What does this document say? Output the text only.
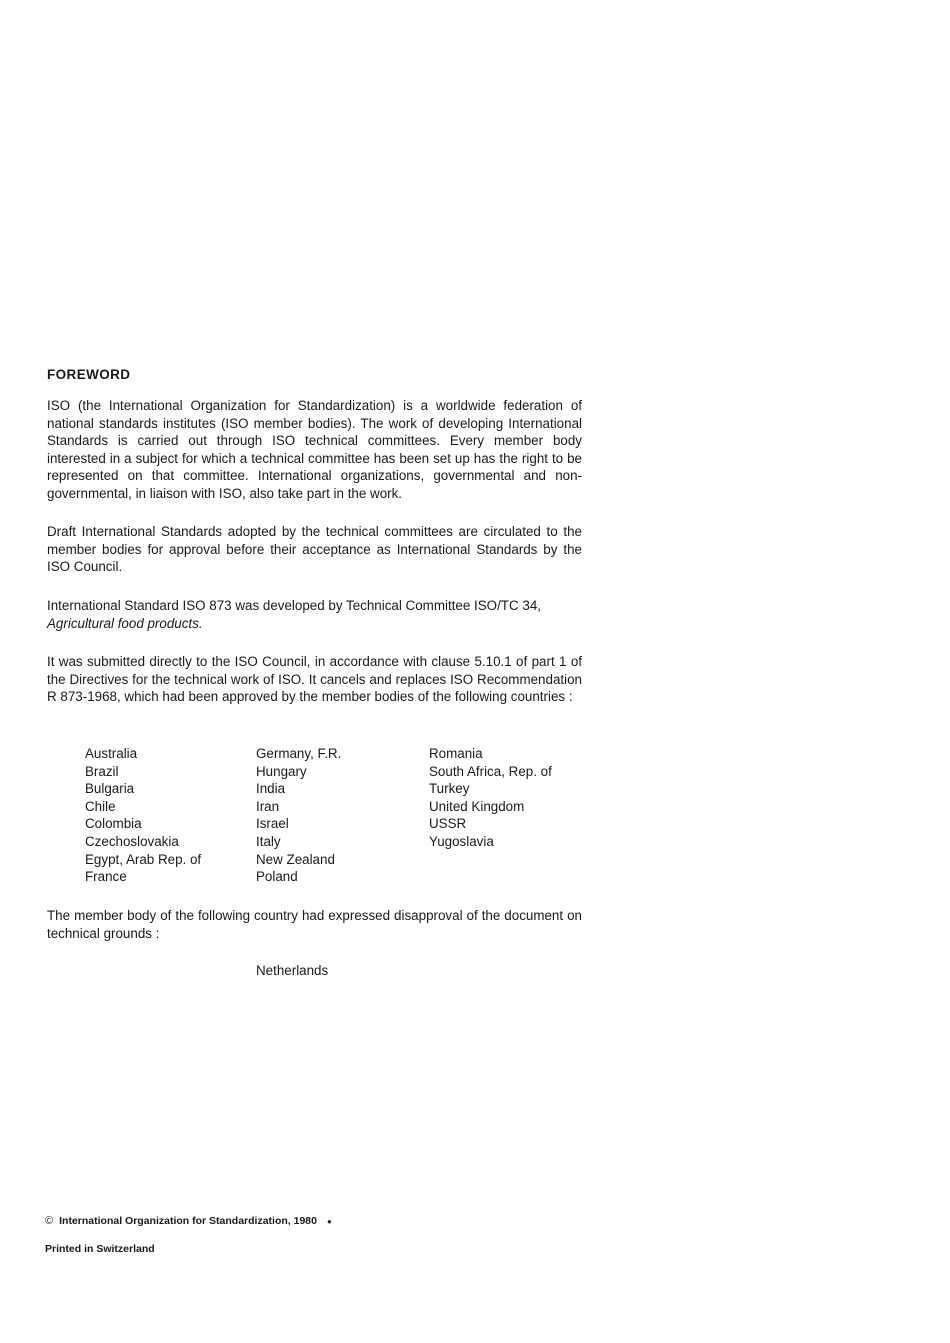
FOREWORD

ISO (the International Organization for Standardization) is a worldwide federation of national standards institutes (ISO member bodies). The work of developing International Standards is carried out through ISO technical committees. Every member body interested in a subject for which a technical committee has been set up has the right to be represented on that committee. International organizations, governmental and non-governmental, in liaison with ISO, also take part in the work.

Draft International Standards adopted by the technical committees are circulated to the member bodies for approval before their acceptance as International Standards by the ISO Council.

International Standard ISO 873 was developed by Technical Committee ISO/TC 34,
Agricultural food products.

It was submitted directly to the ISO Council, in accordance with clause 5.10.1 of part 1 of the Directives for the technical work of ISO. It cancels and replaces ISO Recommendation R 873-1968, which had been approved by the member bodies of the following countries :

Australia
Brazil
Bulgaria
Chile
Colombia
Czechoslovakia
Egypt, Arab Rep. of
France
Germany, F.R.
Hungary
India
Iran
Israel
Italy
New Zealand
Poland
Romania
South Africa, Rep. of
Turkey
United Kingdom
USSR
Yugoslavia

The member body of the following country had expressed disapproval of the document on technical grounds :

Netherlands

© International Organization for Standardization, 1980 ●

Printed in Switzerland
